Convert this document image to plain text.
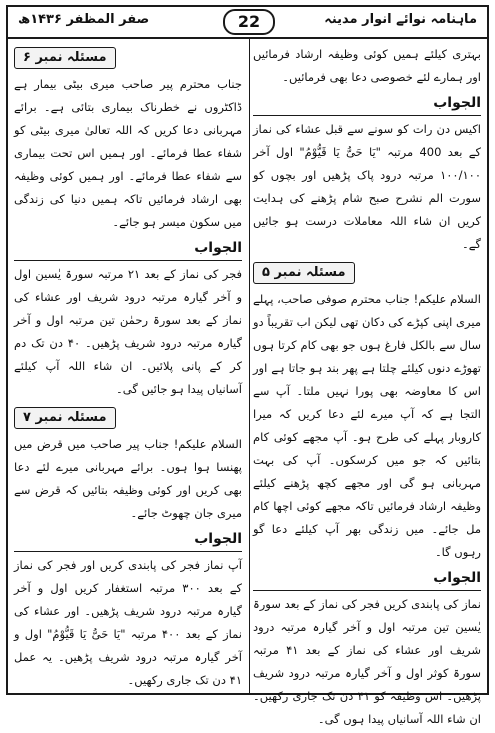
ماہنامہ نوائے انوار مدینہ
22
صفر المظفر ۱۴۳۶ھ

بہتری کیلئے ہمیں کوئی وظیفہ ارشاد فرمائیں اور ہمارے لئے خصوصی دعا بھی فرمائیں۔

الجواب

اکیس دن رات کو سونے سے قبل عشاء کی نماز کے بعد 400 مرتبہ "یَا حَیُّ یَا قَیُّوْمُ" اول آخر ۱۰۰/۱۰۰ مرتبہ درود پاک پڑھیں اور بچوں کو سورت الم نشرح صبح شام پڑھنے کی ہدایت کریں ان شاء اللہ معاملات درست ہو جائیں گے۔

مسئلہ نمبر ۵

السلام علیکم! جناب محترم صوفی صاحب، پہلے میری اپنی کپڑے کی دکان تھی لیکن اب تقریباً دو سال سے بالکل فارغ ہوں جو بھی کام کرتا ہوں تھوڑے دنوں کیلئے چلتا ہے پھر بند ہو جاتا ہے اور اس کا معاوضہ بھی پورا نہیں ملتا۔ آپ سے التجا ہے کہ آپ میرے لئے دعا کریں کہ میرا کاروبار پہلے کی طرح ہو۔ آپ مجھے کوئی کام بتائیں کہ جو میں کرسکوں۔ آپ کی بہت مہربانی ہو گی اور مجھے کچھ پڑھنے کیلئے وظیفہ ارشاد فرمائیں تاکہ مجھے کوئی اچھا کام مل جائے۔ میں زندگی بھر آپ کیلئے دعا گو رہوں گا۔

الجواب

نماز کی پابندی کریں فجر کی نماز کے بعد سورۃ یٰسین تین مرتبہ اول و آخر گیارہ مرتبہ درود شریف اور عشاء کی نماز کے بعد ۴۱ مرتبہ سورۃ کوثر اول و آخر گیارہ مرتبہ درود شریف پڑھیں۔ اس وظیفہ کو ۴۱ دن تک جاری رکھیں۔ ان شاء اللہ آسانیاں پیدا ہوں گی۔

مسئلہ نمبر ۶

جناب محترم پیر صاحب میری بیٹی بیمار ہے ڈاکٹروں نے خطرناک بیماری بتائی ہے۔ برائے مہربانی دعا کریں کہ اللہ تعالیٰ میری بیٹی کو شفاء عطا فرمائے۔ اور ہمیں اس تحت بیماری سے شفاء عطا فرمائے۔ اور ہمیں کوئی وظیفہ بھی ارشاد فرمائیں تاکہ ہمیں دنیا کی زندگی میں سکون میسر ہو جائے۔

الجواب

فجر کی نماز کے بعد ۲۱ مرتبہ سورۃ یٰسین اول و آخر گیارہ مرتبہ درود شریف اور عشاء کی نماز کے بعد سورۃ رحمٰن تین مرتبہ اول و آخر گیارہ مرتبہ درود شریف پڑھیں۔ ۴۰ دن تک دم کر کے پانی پلائیں۔ ان شاء اللہ آپ کیلئے آسانیاں پیدا ہو جائیں گی۔

مسئلہ نمبر ۷

السلام علیکم! جناب پیر صاحب میں قرض میں پھنسا ہوا ہوں۔ برائے مہربانی میرے لئے دعا بھی کریں اور کوئی وظیفہ بتائیں کہ قرض سے میری جان چھوٹ جائے۔

الجواب

آپ نماز فجر کی پابندی کریں اور فجر کی نماز کے بعد ۳۰۰ مرتبہ استغفار کریں اول و آخر گیارہ مرتبہ درود شریف پڑھیں۔ اور عشاء کی نماز کے بعد ۴۰۰ مرتبہ "یَا حَیُّ یَا قَیُّوْمُ" اول و آخر گیارہ مرتبہ درود شریف پڑھیں۔ یہ عمل ۴۱ دن تک جاری رکھیں۔
